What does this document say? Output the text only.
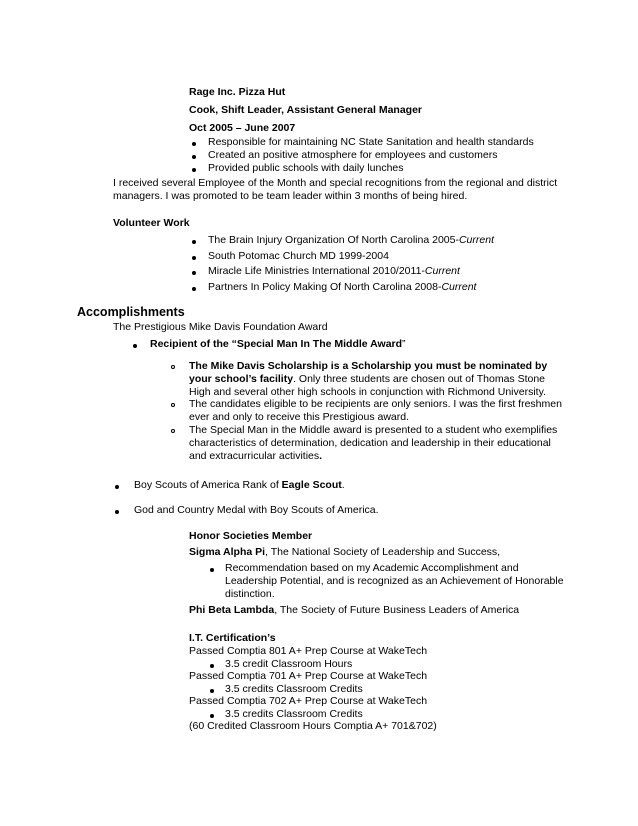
Rage Inc. Pizza Hut
Cook, Shift Leader, Assistant General Manager
Oct 2005 – June 2007
Responsible for maintaining NC State Sanitation and health standards
Created an positive atmosphere for employees and customers
Provided public schools with daily lunches
I received several Employee of the Month and special recognitions from the regional and district
managers. I was promoted to be team leader within 3 months of being hired.
Volunteer Work
The Brain Injury Organization Of North Carolina 2005-Current
South Potomac Church MD 1999-2004
Miracle Life Ministries International 2010/2011-Current
Partners In Policy Making Of North Carolina 2008-Current
Accomplishments
The Prestigious Mike Davis Foundation Award
Recipient of the “Special Man In The Middle Award”
The Mike Davis Scholarship is a Scholarship you must be nominated by
your school’s facility. Only three students are chosen out of Thomas Stone
High and several other high schools in conjunction with Richmond University.
The candidates eligible to be recipients are only seniors. I was the first freshmen
ever and only to receive this Prestigious award.
The Special Man in the Middle award is presented to a student who exemplifies
characteristics of determination, dedication and leadership in their educational
and extracurricular activities.
Boy Scouts of America Rank of Eagle Scout.
God and Country Medal with Boy Scouts of America.
Honor Societies Member
Sigma Alpha Pi, The National Society of Leadership and Success,
Recommendation based on my Academic Accomplishment and
Leadership Potential, and is recognized as an Achievement of Honorable
distinction.
Phi Beta Lambda, The Society of Future Business Leaders of America
I.T. Certification’s
Passed Comptia 801 A+ Prep Course at WakeTech
3.5 credit Classroom Hours
Passed Comptia 701 A+ Prep Course at WakeTech
3.5 credits Classroom Credits
Passed Comptia 702 A+ Prep Course at WakeTech
3.5 credits Classroom Credits
(60 Credited Classroom Hours Comptia A+ 701&702)
